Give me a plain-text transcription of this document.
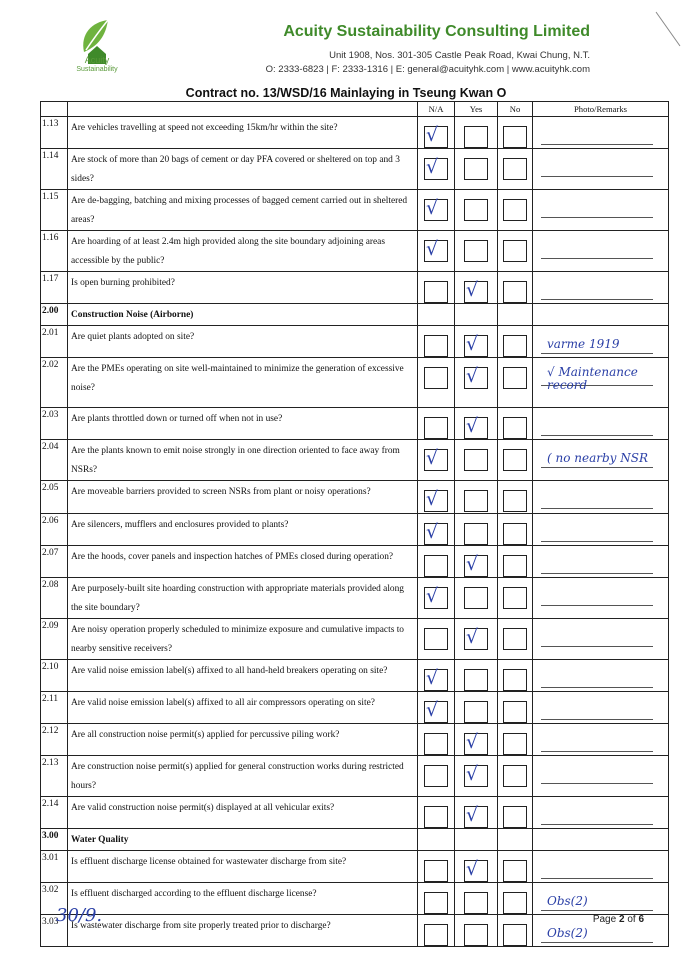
Acuity
Sustainability
Acuity Sustainability Consulting Limited
Unit 1908, Nos. 301-305 Castle Peak Road, Kwai Chung, N.T.
O: 2333-6823 | F: 2333-1316 | E: general@acuityhk.com | www.acuityhk.com
Contract no. 13/WSD/16 Mainlaying in Tseung Kwan O
		N/A	Yes	No	Photo/Remarks
1.13	Are vehicles travelling at speed not exceeding 15km/hr within the site?	√			

1.14	Are stock of more than 20 bags of cement or day PFA covered or sheltered on top and 3 sides?	√			

1.15	Are de-bagging, batching and mixing processes of bagged cement carried out in sheltered areas?	√			

1.16	Are hoarding of at least 2.4m high provided along the site boundary adjoining areas accessible by the public?	√			

1.17	Is open burning prohibited?		√		

2.00	Construction Noise (Airborne)				
2.01	Are quiet plants adopted on site?		√		varme 1919

2.02	Are the PMEs operating on site well-maintained to minimize the generation of excessive noise?		√		√ Maintenance record

2.03	Are plants throttled down or turned off when not in use?		√		

2.04	Are the plants known to emit noise strongly in one direction oriented to face away from NSRs?	√			( no nearby NSR

2.05	Are moveable barriers provided to screen NSRs from plant or noisy operations?	√			

2.06	Are silencers, mufflers and enclosures provided to plants?	√			

2.07	Are the hoods, cover panels and inspection hatches of PMEs closed during operation?		√		

2.08	Are purposely-built site hoarding construction with appropriate materials provided along the site boundary?	√			

2.09	Are noisy operation properly scheduled to minimize exposure and cumulative impacts to nearby sensitive receivers?		√		

2.10	Are valid noise emission label(s) affixed to all hand-held breakers operating on site?	√			

2.11	Are valid noise emission label(s) affixed to all air compressors operating on site?	√			

2.12	Are all construction noise permit(s) applied for percussive piling work?		√		

2.13	Are construction noise permit(s) applied for general construction works during restricted hours?		√		

2.14	Are valid construction noise permit(s) displayed at all vehicular exits?		√		

3.00	Water Quality				
3.01	Is effluent discharge license obtained for wastewater discharge from site?		√		

3.02	Is effluent discharged according to the effluent discharge license?				Obs(2)

3.03	Is wastewater discharge from site properly treated prior to discharge?				Obs(2)
30/9.	Page 2 of 6
